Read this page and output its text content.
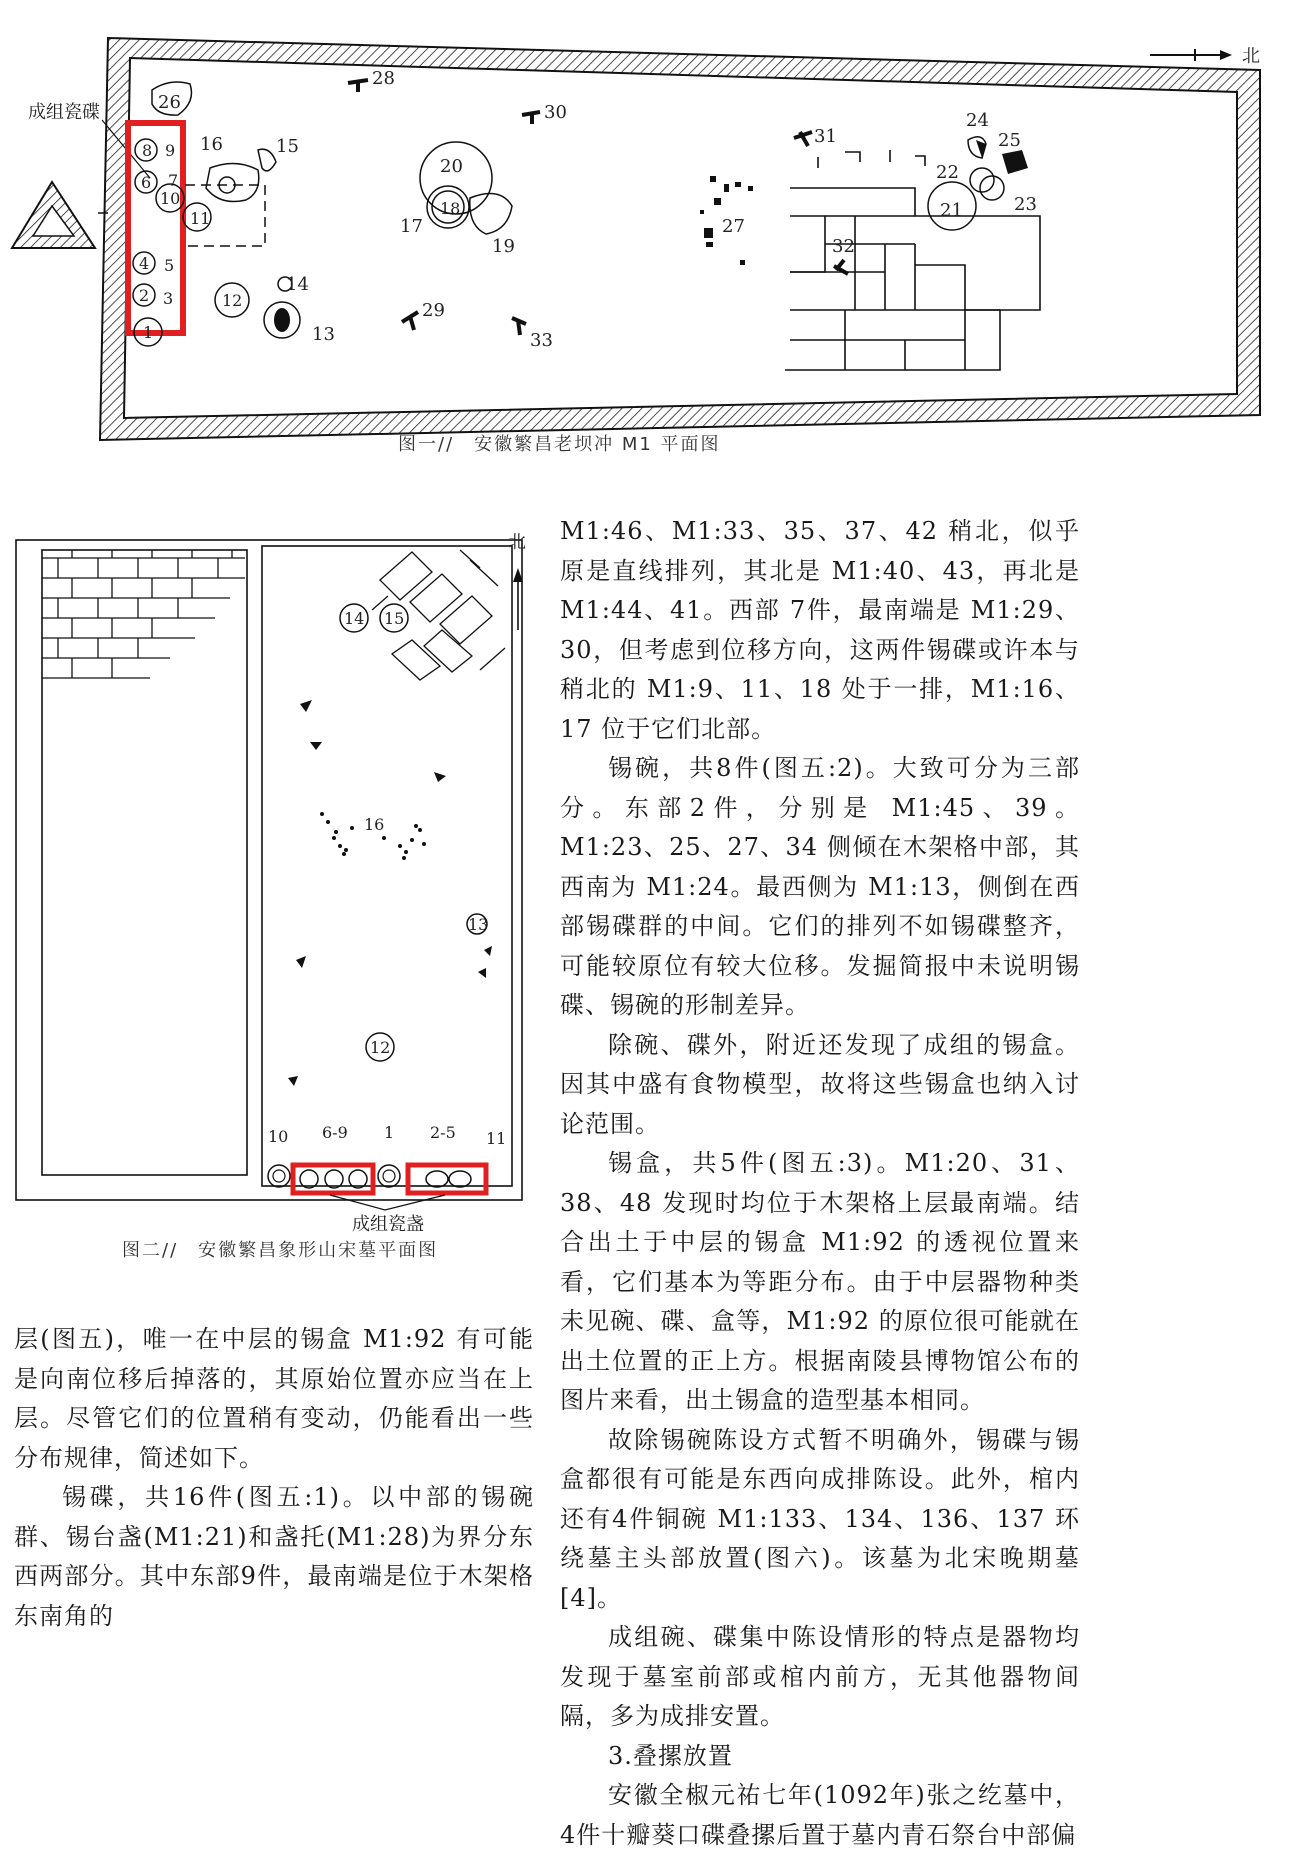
北
成组瓷碟	26
28
30
8 9 16	15
6 7
10
11
4 5
2 3
1
12
14
13
20
17
18
19
29
33
27
31
32
24
25
22
21	23
图一//　安徽繁昌老坝冲 M1 平面图
北
成组瓷盏
14 15
16
13
12
10 6-9 1 2-5 11
图二//　安徽繁昌象形山宋墓平面图

M1:46、M1:33、35、37、42 稍北，似乎原是直线排列，其北是 M1:40、43，再北是 M1:44、41。西部 7件，最南端是 M1:29、30，但考虑到位移方向，这两件锡碟或许本与稍北的 M1:9、11、18 处于一排，M1:16、17 位于它们北部。

锡碗，共8件(图五:2)。大致可分为三部分。东部2件，分别是 M1:45、39。M1:23、25、27、34 侧倾在木架格中部，其西南为 M1:24。最西侧为 M1:13，侧倒在西部锡碟群的中间。它们的排列不如锡碟整齐，可能较原位有较大位移。发掘简报中未说明锡碟、锡碗的形制差异。

除碗、碟外，附近还发现了成组的锡盒。因其中盛有食物模型，故将这些锡盒也纳入讨论范围。

锡盒，共5件(图五:3)。M1:20、31、38、48 发现时均位于木架格上层最南端。结合出土于中层的锡盒 M1:92 的透视位置来看，它们基本为等距分布。由于中层器物种类未见碗、碟、盒等，M1:92 的原位很可能就在出土位置的正上方。根据南陵县博物馆公布的图片来看，出土锡盒的造型基本相同。

故除锡碗陈设方式暂不明确外，锡碟与锡盒都很有可能是东西向成排陈设。此外，棺内还有4件铜碗 M1:133、134、136、137 环绕墓主头部放置(图六)。该墓为北宋晚期墓[4]。

成组碗、碟集中陈设情形的特点是器物均发现于墓室前部或棺内前方，无其他器物间隔，多为成排安置。

3.叠摞放置

安徽全椒元祐七年(1092年)张之纥墓中，4件十瓣葵口碟叠摞后置于墓内青石祭台中部偏

层(图五)，唯一在中层的锡盒 M1:92 有可能是向南位移后掉落的，其原始位置亦应当在上层。尽管它们的位置稍有变动，仍能看出一些分布规律，简述如下。

锡碟，共16件(图五:1)。以中部的锡碗群、锡台盏(M1:21)和盏托(M1:28)为界分东西两部分。其中东部9件，最南端是位于木架格东南角的
